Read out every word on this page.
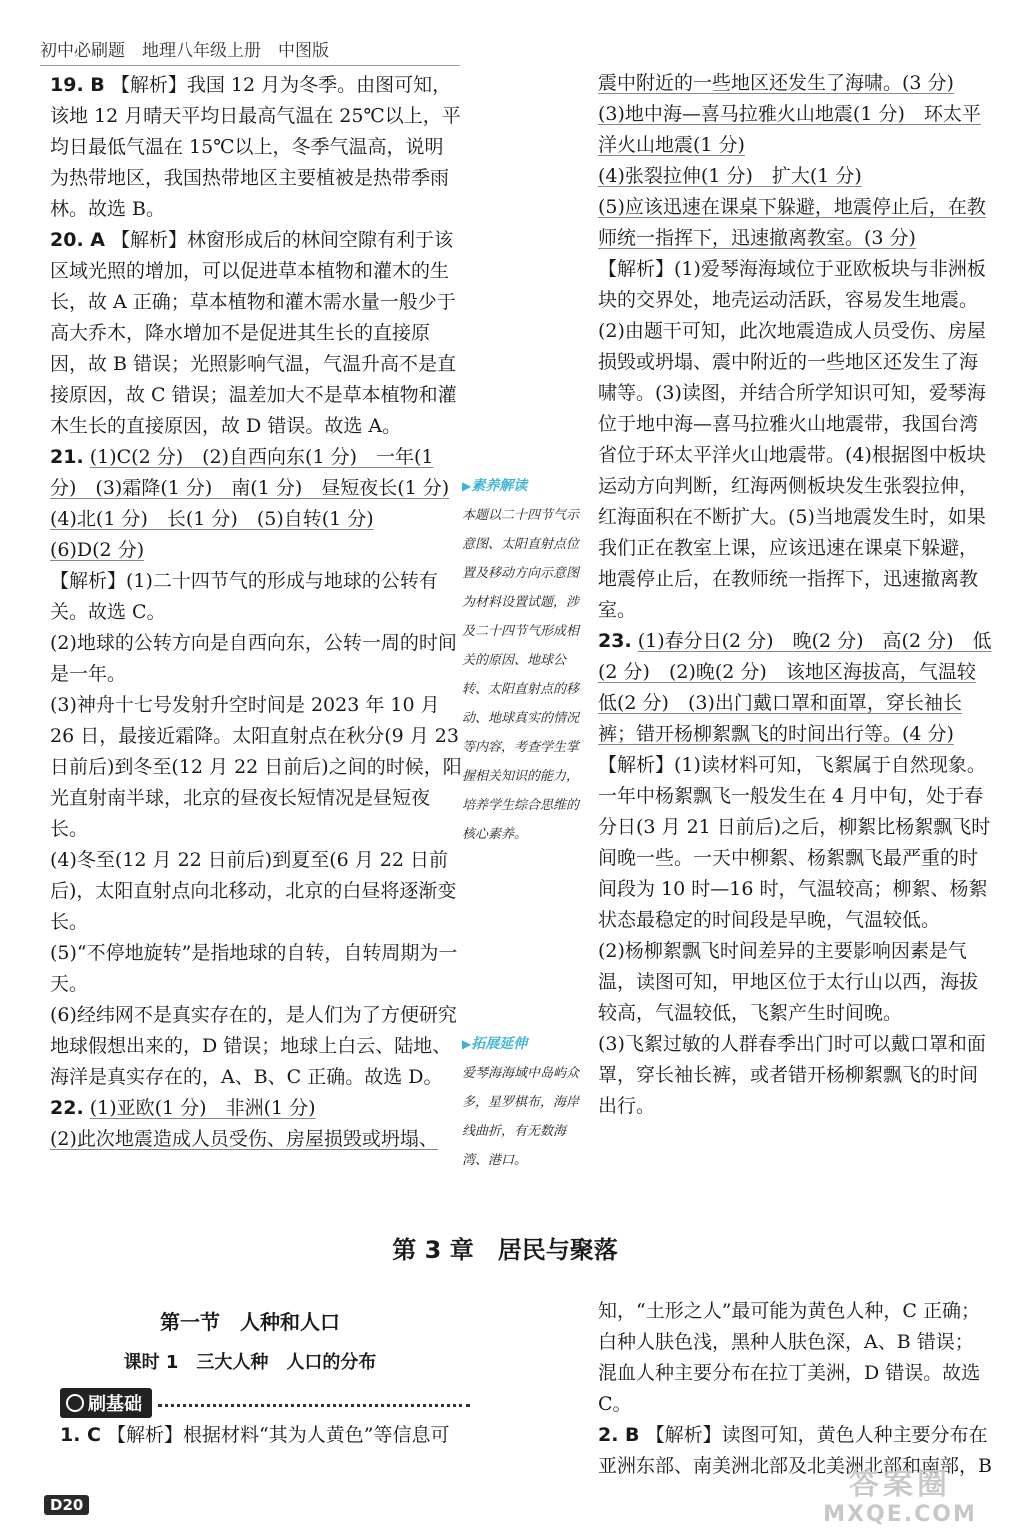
初中必刷题　地理八年级上册　中图版

19. B 【解析】我国 12 月为冬季。由图可知，该地 12 月晴天平均日最高气温在 25℃以上，平均日最低气温在 15℃以上，冬季气温高，说明为热带地区，我国热带地区主要植被是热带季雨林。故选 B。

20. A 【解析】林窗形成后的林间空隙有利于该区域光照的增加，可以促进草本植物和灌木的生长，故 A 正确；草本植物和灌木需水量一般少于高大乔木，降水增加不是促进其生长的直接原因，故 B 错误；光照影响气温，气温升高不是直接原因，故 C 错误；温差加大不是草本植物和灌木生长的直接原因，故 D 错误。故选 A。

21. (1)C(2 分)　(2)自西向东(1 分)　一年(1 分)　(3)霜降(1 分)　南(1 分)　昼短夜长(1 分)

(4)北(1 分)　长(1 分)　(5)自转(1 分)

(6)D(2 分)

【解析】(1)二十四节气的形成与地球的公转有关。故选 C。

(2)地球的公转方向是自西向东，公转一周的时间是一年。

(3)神舟十七号发射升空时间是 2023 年 10 月 26 日，最接近霜降。太阳直射点在秋分(9 月 23 日前后)到冬至(12 月 22 日前后)之间的时候，阳光直射南半球，北京的昼夜长短情况是昼短夜长。

(4)冬至(12 月 22 日前后)到夏至(6 月 22 日前后)，太阳直射点向北移动，北京的白昼将逐渐变长。

(5)“不停地旋转”是指地球的自转，自转周期为一天。

(6)经纬网不是真实存在的，是人们为了方便研究地球假想出来的，D 错误；地球上白云、陆地、海洋是真实存在的，A、B、C 正确。故选 D。

22. (1)亚欧(1 分)　非洲(1 分)

(2)此次地震造成人员受伤、房屋损毁或坍塌、

▶素养解读
本题以二十四节气示意图、太阳直射点位置及移动方向示意图为材料设置试题，涉及二十四节气形成相关的原因、地球公转、太阳直射点的移动、地球真实的情况等内容，考查学生掌握相关知识的能力，培养学生综合思维的核心素养。
▶拓展延伸
爱琴海海域中岛屿众多，星罗棋布，海岸线曲折，有无数海湾、港口。

震中附近的一些地区还发生了海啸。(3 分)

(3)地中海—喜马拉雅火山地震(1 分)　环太平洋火山地震(1 分)

(4)张裂拉伸(1 分)　扩大(1 分)

(5)应该迅速在课桌下躲避，地震停止后，在教师统一指挥下，迅速撤离教室。(3 分)

【解析】(1)爱琴海海域位于亚欧板块与非洲板块的交界处，地壳运动活跃，容易发生地震。(2)由题干可知，此次地震造成人员受伤、房屋损毁或坍塌、震中附近的一些地区还发生了海啸等。(3)读图，并结合所学知识可知，爱琴海位于地中海—喜马拉雅火山地震带，我国台湾省位于环太平洋火山地震带。(4)根据图中板块运动方向判断，红海两侧板块发生张裂拉伸，红海面积在不断扩大。(5)当地震发生时，如果我们正在教室上课，应该迅速在课桌下躲避，地震停止后，在教师统一指挥下，迅速撤离教室。

23. (1)春分日(2 分)　晚(2 分)　高(2 分)　低(2 分)　(2)晚(2 分)　该地区海拔高，气温较低(2 分)　(3)出门戴口罩和面罩，穿长袖长裤；错开杨柳絮飘飞的时间出行等。(4 分)

【解析】(1)读材料可知，飞絮属于自然现象。一年中杨絮飘飞一般发生在 4 月中旬，处于春分日(3 月 21 日前后)之后，柳絮比杨絮飘飞时间晚一些。一天中柳絮、杨絮飘飞最严重的时间段为 10 时—16 时，气温较高；柳絮、杨絮状态最稳定的时间段是早晚，气温较低。

(2)杨柳絮飘飞时间差异的主要影响因素是气温，读图可知，甲地区位于太行山以西，海拔较高，气温较低，飞絮产生时间晚。

(3)飞絮过敏的人群春季出门时可以戴口罩和面罩，穿长袖长裤，或者错开杨柳絮飘飞的时间出行。

第 3 章　居民与聚落
第一节　人种和人口
课时 1　三大人种　人口的分布
刷基础

1. C 【解析】根据材料“其为人黄色”等信息可

知，“土形之人”最可能为黄色人种，C 正确；白种人肤色浅，黑种人肤色深，A、B 错误；混血人种主要分布在拉丁美洲，D 错误。故选 C。

2. B 【解析】读图可知，黄色人种主要分布在亚洲东部、南美洲北部及北美洲北部和南部，B

D20
答案圈
MXQE.COM
